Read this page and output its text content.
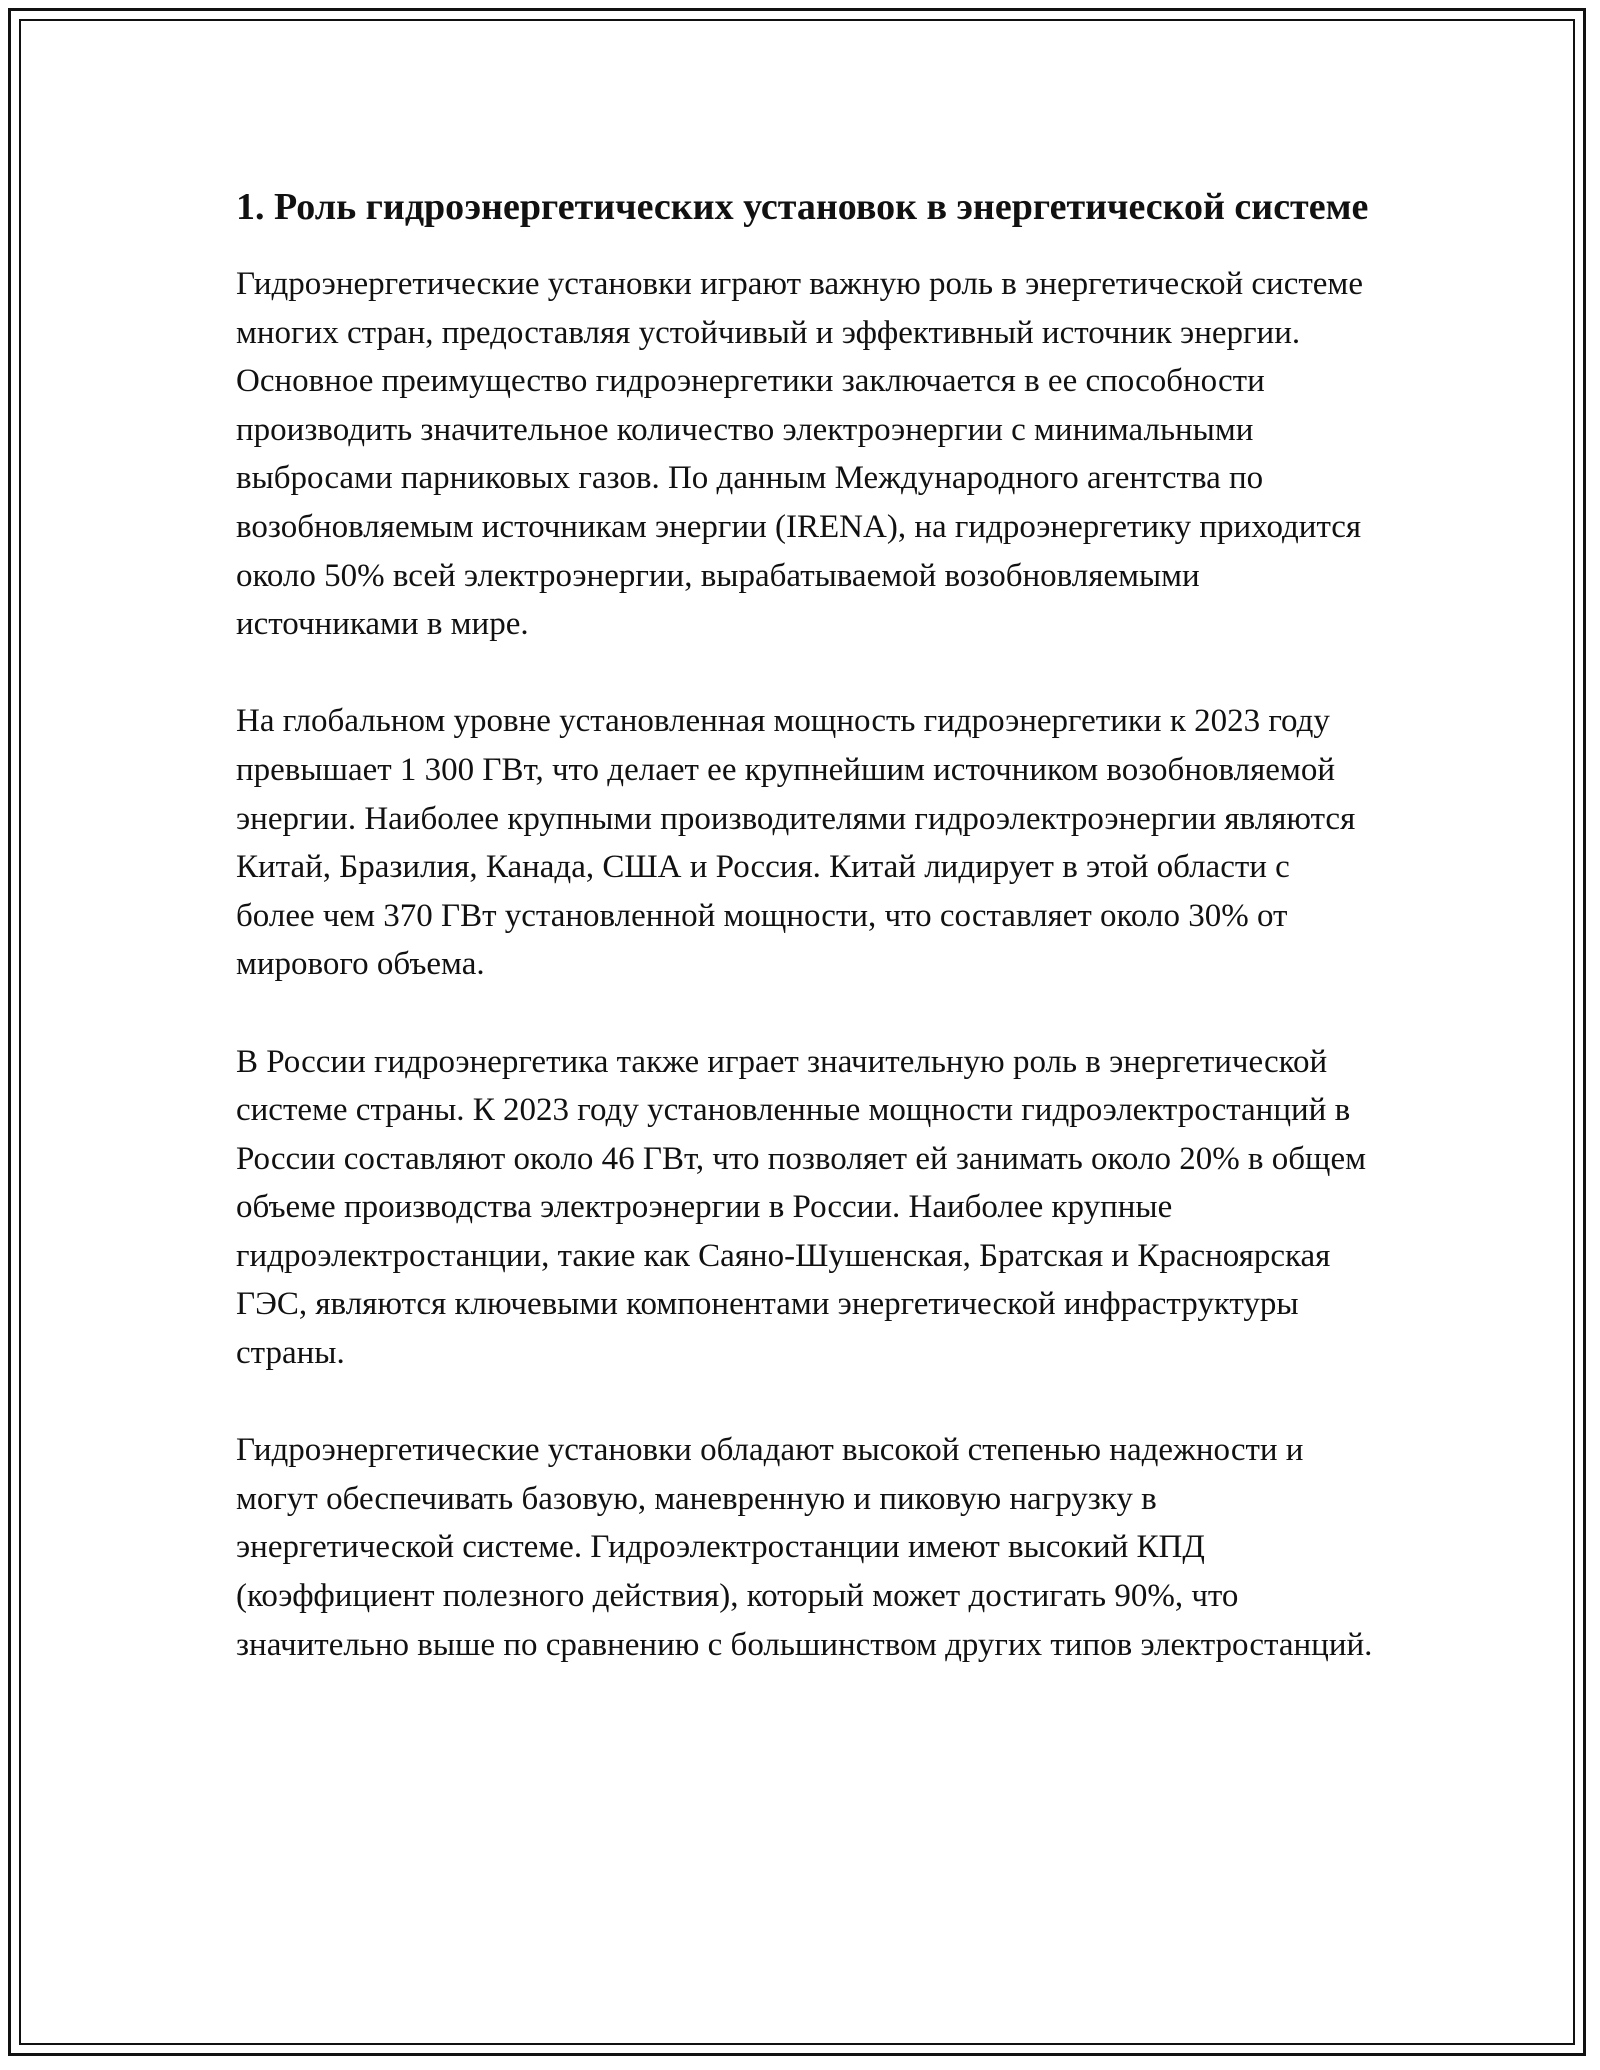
1. Роль гидроэнергетических установок в энергетической системе

Гидроэнергетические установки играют важную роль в энергетической системе многих стран, предоставляя устойчивый и эффективный источник энергии. Основное преимущество гидроэнергетики заключается в ее способности производить значительное количество электроэнергии с минимальными выбросами парниковых газов. По данным Международного агентства по возобновляемым источникам энергии (IRENA), на гидроэнергетику приходится около 50% всей электроэнергии, вырабатываемой возобновляемыми источниками в мире.

На глобальном уровне установленная мощность гидроэнергетики к 2023 году превышает 1 300 ГВт, что делает ее крупнейшим источником возобновляемой энергии. Наиболее крупными производителями гидроэлектроэнергии являются Китай, Бразилия, Канада, США и Россия. Китай лидирует в этой области с более чем 370 ГВт установленной мощности, что составляет около 30% от мирового объема.

В России гидроэнергетика также играет значительную роль в энергетической системе страны. К 2023 году установленные мощности гидроэлектростанций в России составляют около 46 ГВт, что позволяет ей занимать около 20% в общем объеме производства электроэнергии в России. Наиболее крупные гидроэлектростанции, такие как Саяно-Шушенская, Братская и Красноярская ГЭС, являются ключевыми компонентами энергетической инфраструктуры страны.

Гидроэнергетические установки обладают высокой степенью надежности и могут обеспечивать базовую, маневренную и пиковую нагрузку в энергетической системе. Гидроэлектростанции имеют высокий КПД (коэффициент полезного действия), который может достигать 90%, что значительно выше по сравнению с большинством других типов электростанций.
